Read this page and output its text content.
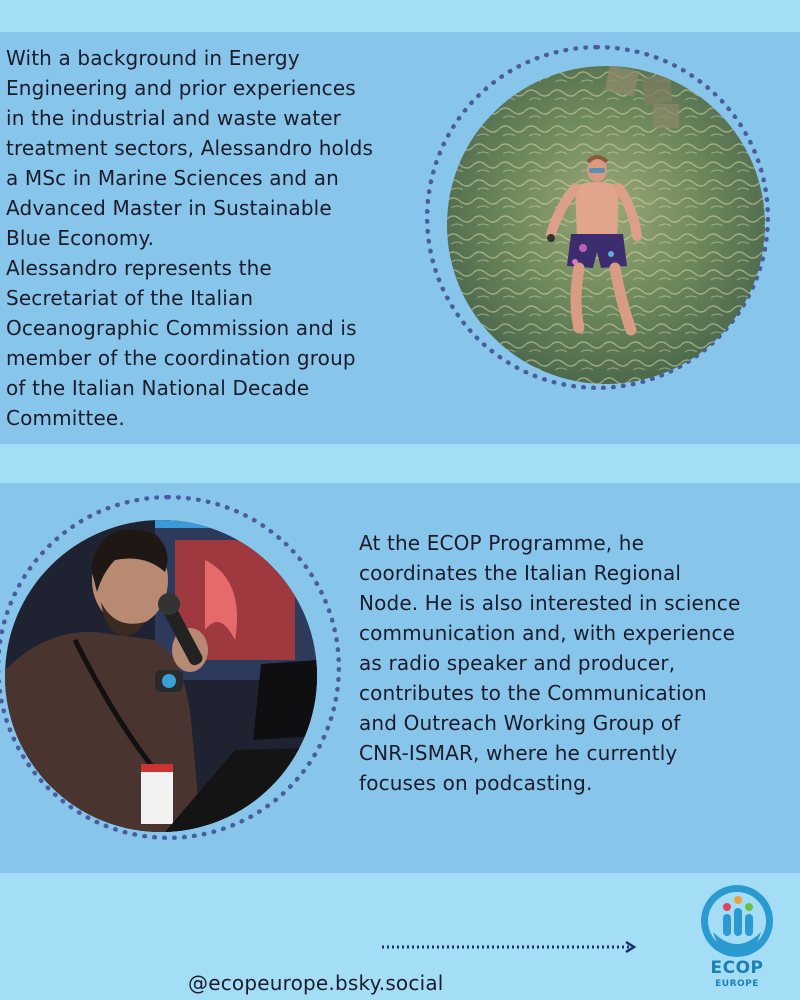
With a background in Energy
Engineering and prior experiences
in the industrial and waste water
treatment sectors, Alessandro holds
a MSc in Marine Sciences and an
Advanced Master in Sustainable
Blue Economy.
Alessandro represents the
Secretariat of the Italian
Oceanographic Commission and is
member of the coordination group
of the Italian National Decade
Committee.

At the ECOP Programme, he
coordinates the Italian Regional
Node. He is also interested in science
communication and, with experience
as radio speaker and producer,
contributes to the Communication
and Outreach Working Group of
CNR-ISMAR, where he currently
focuses on podcasting.

@ecopeurope.bsky.social
ECOP
EUROPE
